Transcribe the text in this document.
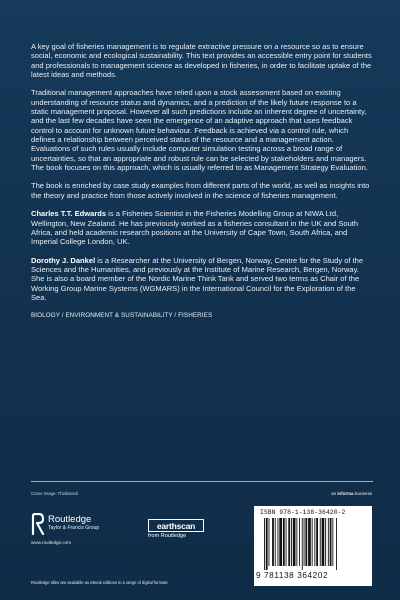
A key goal of fisheries management is to regulate extractive pressure on a resource so as to ensure social, economic and ecological sustainability. This text provides an accessible entry point for students and professionals to management science as developed in fisheries, in order to facilitate uptake of the latest ideas and methods.

Traditional management approaches have relied upon a stock assessment based on existing understanding of resource status and dynamics, and a prediction of the likely future response to a static management proposal. However all such predictions include an inherent degree of uncertainty, and the last few decades have seen the emergence of an adaptive approach that uses feedback control to account for unknown future behaviour. Feedback is achieved via a control rule, which defines a relationship between perceived status of the resource and a management action. Evaluations of such rules usually include computer simulation testing across a broad range of uncertainties, so that an appropriate and robust rule can be selected by stakeholders and managers. The book focuses on this approach, which is usually referred to as Management Strategy Evaluation.

The book is enriched by case study examples from different parts of the world, as well as insights into the theory and practice from those actively involved in the science of fisheries management.

Charles T.T. Edwards is a Fisheries Scientist in the Fisheries Modelling Group at NIWA Ltd, Wellington, New Zealand. He has previously worked as a fisheries consultant in the UK and South Africa, and held academic research positions at the University of Cape Town, South Africa, and Imperial College London, UK.

Dorothy J. Dankel is a Researcher at the University of Bergen, Norway, Centre for the Study of the Sciences and the Humanities, and previously at the Institute of Marine Research, Bergen, Norway. She is also a board member of the Nordic Marine Think Tank and served two terms as Chair of the Working Group Marine Systems (WGMARS) in the International Council for the Exploration of the Sea.

BIOLOGY / ENVIRONMENT & SUSTAINABILITY / FISHERIES
Cover image: Thinkstock	an informa business
Routledge
Taylor & Francis Group
www.routledge.com
earthscan
from Routledge
Routledge titles are available as eBook editions in a range of digital formats
ISBN 978-1-138-36420-2
9 781138 364202
